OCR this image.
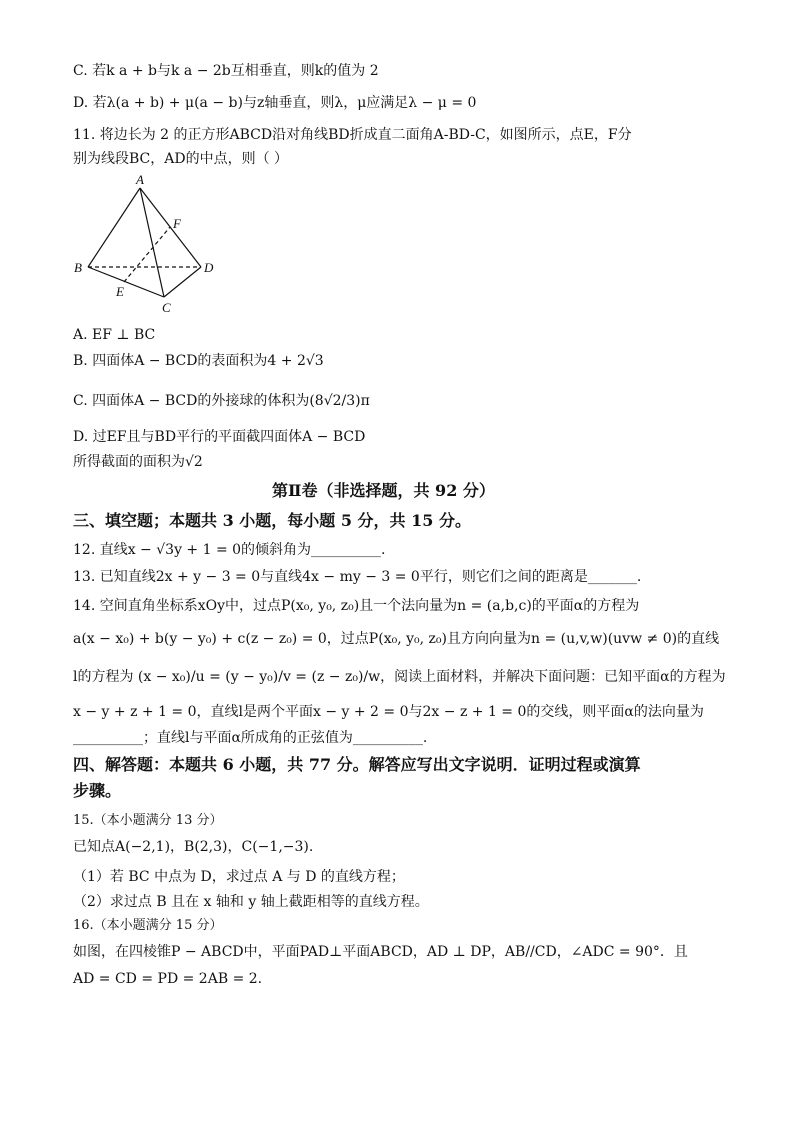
C. 若k a + b与k a − 2b互相垂直，则k的值为 2
D. 若λ(a + b) + μ(a − b)与z轴垂直，则λ，μ应满足λ − μ = 0
11. 将边长为 2 的正方形ABCD沿对角线BD折成直二面角A-BD-C，如图所示，点E，F分
别为线段BC，AD的中点，则（ ）
A
B
C
D
E
F
A. EF ⊥ BC
B. 四面体A − BCD的表面积为4 + 2√3
C. 四面体A − BCD的外接球的体积为(8√2/3)π
D. 过EF且与BD平行的平面截四面体A − BCD
所得截面的面积为√2
第Ⅱ卷（非选择题，共 92 分）
三、填空题；本题共 3 小题，每小题 5 分，共 15 分。
12. 直线x − √3y + 1 = 0的倾斜角为__________.
13. 已知直线2x + y − 3 = 0与直线4x − my − 3 = 0平行，则它们之间的距离是_______.
14. 空间直角坐标系xOy中，过点P(x₀, y₀, z₀)且一个法向量为n = (a,b,c)的平面α的方程为
a(x − x₀) + b(y − y₀) + c(z − z₀) = 0，过点P(x₀, y₀, z₀)且方向向量为n = (u,v,w)(uvw ≠ 0)的直线
l的方程为 (x − x₀)/u = (y − y₀)/v = (z − z₀)/w，阅读上面材料，并解决下面问题：已知平面α的方程为
x − y + z + 1 = 0，直线l是两个平面x − y + 2 = 0与2x − z + 1 = 0的交线，则平面α的法向量为
__________；直线l与平面α所成角的正弦值为__________.
四、解答题：本题共 6 小题，共 77 分。解答应写出文字说明．证明过程或演算
步骤。
15.（本小题满分 13 分）
已知点A(−2,1)，B(2,3)，C(−1,−3).
（1）若 BC 中点为 D，求过点 A 与 D 的直线方程；
（2）求过点 B 且在 x 轴和 y 轴上截距相等的直线方程。
16.（本小题满分 15 分）
如图，在四棱锥P − ABCD中，平面PAD⊥平面ABCD，AD ⊥ DP，AB//CD，∠ADC = 90°．且
AD = CD = PD = 2AB = 2.
